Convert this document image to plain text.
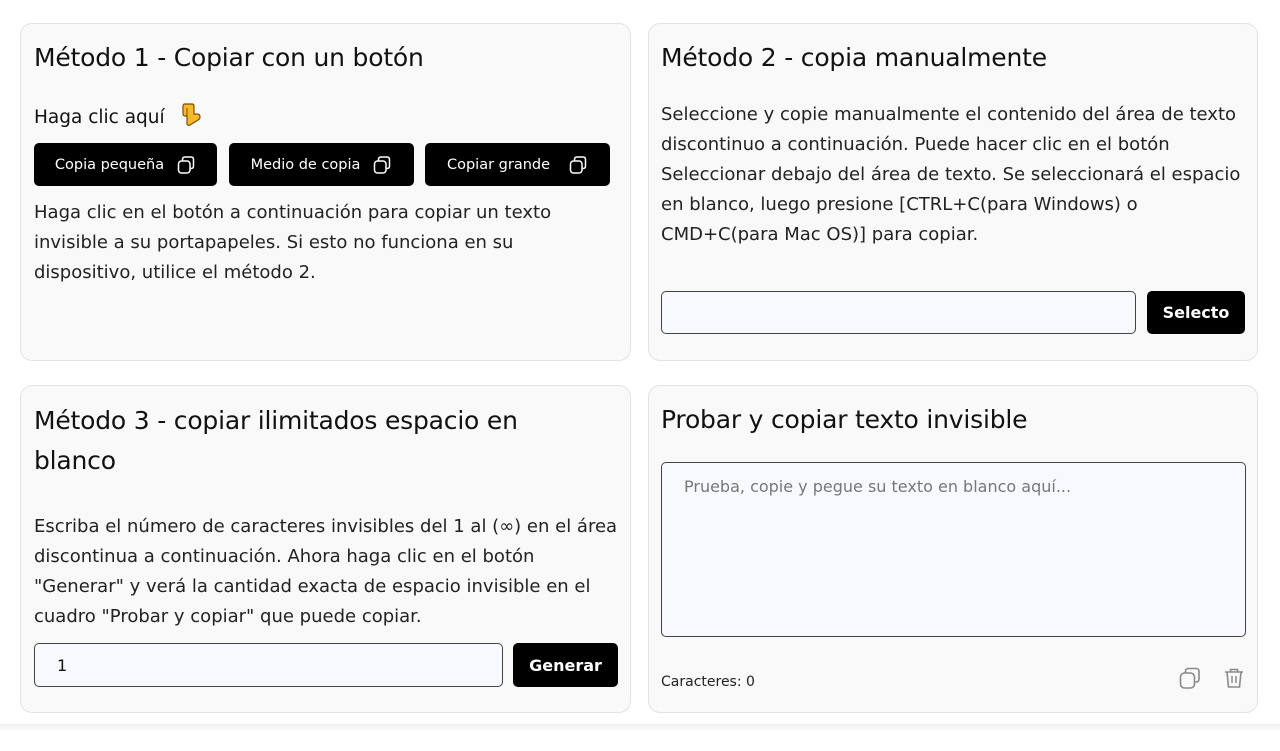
Método 1 - Copiar con un botón
Haga clic aquí
Copia pequeña	Medio de copia	Copiar grande

Haga clic en el botón a continuación para copiar un texto invisible a su portapapeles. Si esto no funciona en su dispositivo, utilice el método 2.

Método 2 - copia manualmente

Seleccione y copie manualmente el contenido del área de texto discontinuo a continuación. Puede hacer clic en el botón Seleccionar debajo del área de texto. Se seleccionará el espacio en blanco, luego presione [CTRL+C(para Windows) o CMD+C(para Mac OS)] para copiar.

Selecto
Método 3 - copiar ilimitados espacio en blanco

Escriba el número de caracteres invisibles del 1 al (∞) en el área discontinua a continuación. Ahora haga clic en el botón "Generar" y verá la cantidad exacta de espacio invisible en el cuadro "Probar y copiar" que puede copiar.

1
Generar
Probar y copiar texto invisible
Prueba, copie y pegue su texto en blanco aquí...
Caracteres: 0
